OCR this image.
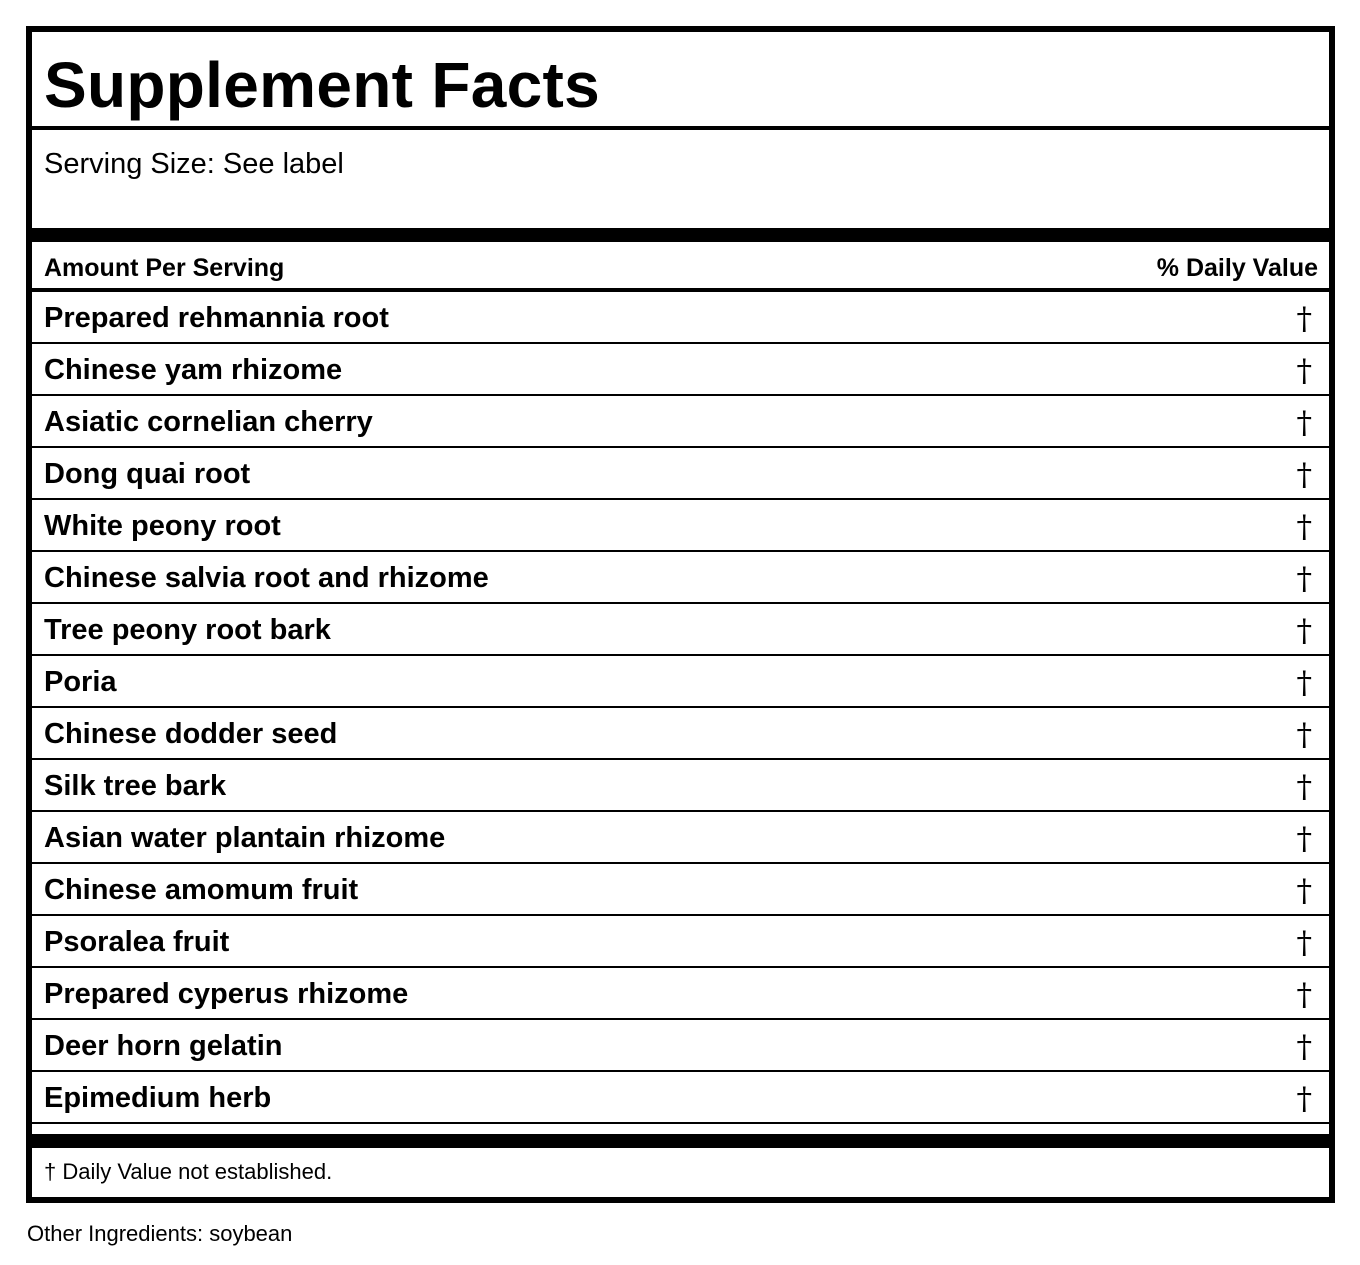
Supplement Facts

Serving Size: See label

Amount Per Serving	% Daily Value
Prepared rehmannia root	†
Chinese yam rhizome	†
Asiatic cornelian cherry	†
Dong quai root	†
White peony root	†
Chinese salvia root and rhizome	†
Tree peony root bark	†
Poria	†
Chinese dodder seed	†
Silk tree bark	†
Asian water plantain rhizome	†
Chinese amomum fruit	†
Psoralea fruit	†
Prepared cyperus rhizome	†
Deer horn gelatin	†
Epimedium herb	†
† Daily Value not established.

Other Ingredients: soybean
